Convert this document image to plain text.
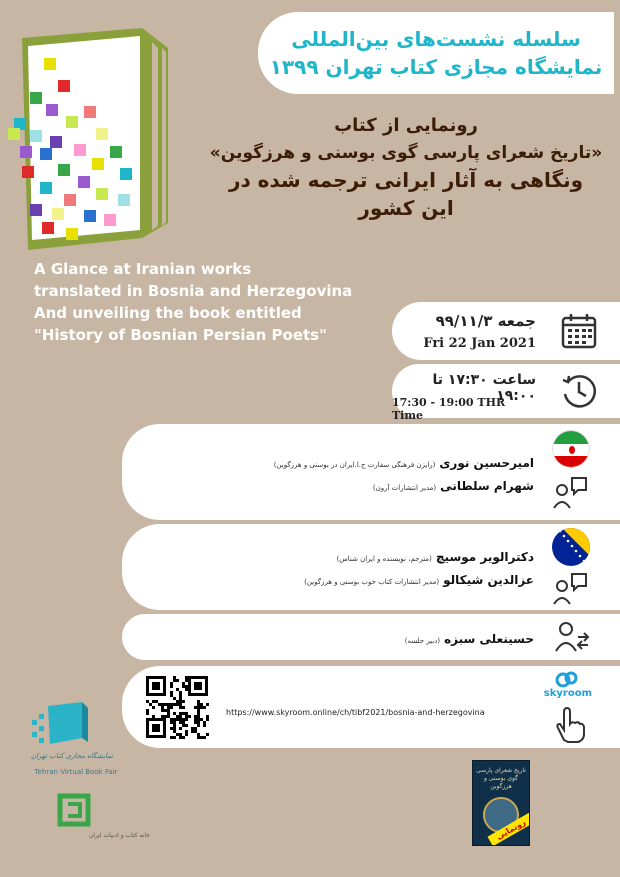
سلسله نشست‌های بین‌المللی
نمایشگاه مجازی کتاب تهران ۱۳۹۹
رونمایی از کتاب
«تاریخ شعرای پارسی گوی بوسنی و هرزگوین»
ونگاهی به آثار ایرانی ترجمه شده در
این کشور
A Glance at Iranian works
translated in Bosnia and Herzegovina
And unveiling the book entitled
"History of Bosnian Persian Poets"
جمعه ۹۹/۱۱/۳
Fri 22 Jan 2021
ساعت ۱۷:۳۰ تا ۱۹:۰۰
17:30 - 19:00 THR Time
امیرحسین نوری(رایزن فرهنگی سفارت ج.ا.ایران در بوسنی و هرزگوین)
شهرام سلطانی(مدیر انتشارات آرون)
دکترالویر موسیچ(مترجم، نویسنده و ایران شناس)
عزالدین شیکالو(مدیر انتشارات کتاب خوب بوسنی و هرزگوین)
حسینعلی سبزه(دبیر جلسه)
https://www.skyroom.online/ch/tibf2021/bosnia-and-herzegovina
skyroom
نمایشگاه مجازی کتاب تهران
Tehran Virtual Book Fair
خانه کتاب و ادبیات ایران
تاریخ شعرای پارسی گوی بوسنی و هرزگوین
رونمایی
